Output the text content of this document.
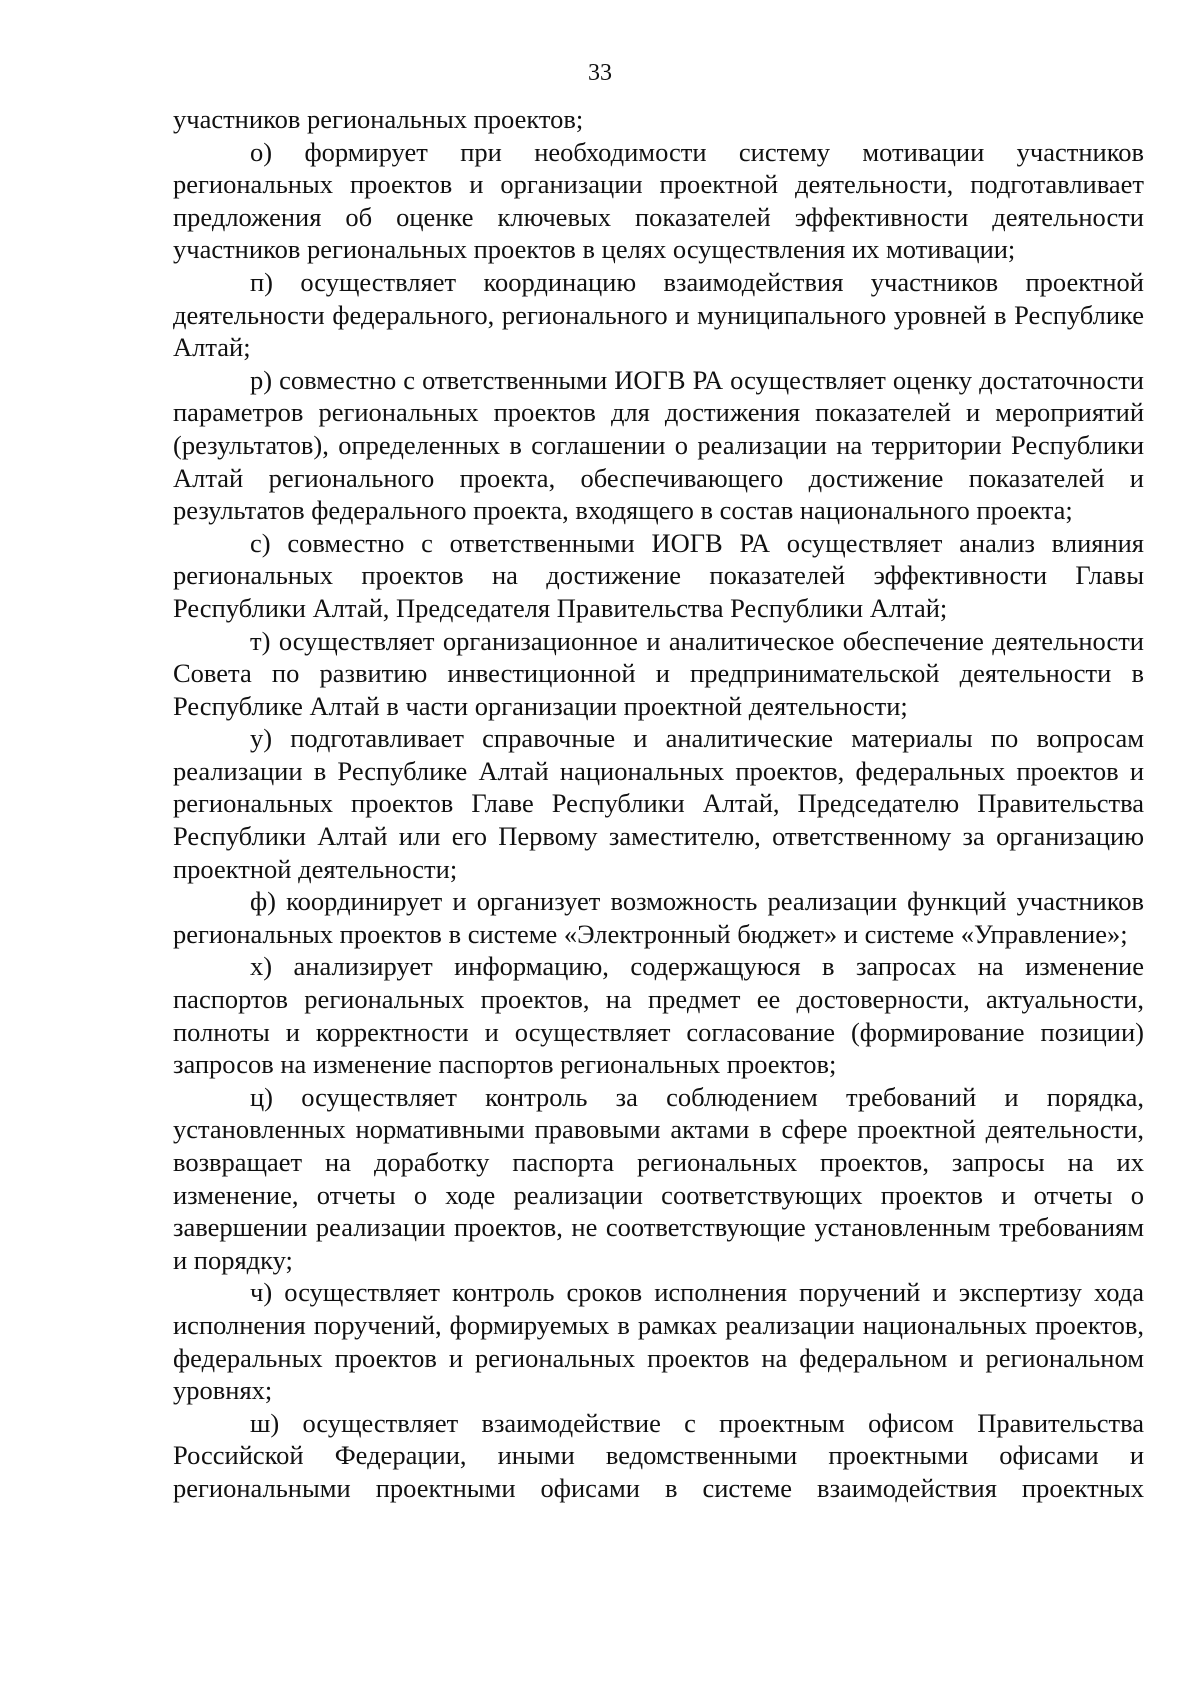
33

участников региональных проектов;

о) формирует при необходимости систему мотивации участников региональных проектов и организации проектной деятельности, подготавливает предложения об оценке ключевых показателей эффективности деятельности участников региональных проектов в целях осуществления их мотивации;

п) осуществляет координацию взаимодействия участников проектной деятельности федерального, регионального и муниципального уровней в Республике Алтай;

р) совместно с ответственными ИОГВ РА осуществляет оценку достаточности параметров региональных проектов для достижения показателей и мероприятий (результатов), определенных в соглашении о реализации на территории Республики Алтай регионального проекта, обеспечивающего достижение показателей и результатов федерального проекта, входящего в состав национального проекта;

с) совместно с ответственными ИОГВ РА осуществляет анализ влияния региональных проектов на достижение показателей эффективности Главы Республики Алтай, Председателя Правительства Республики Алтай;

т) осуществляет организационное и аналитическое обеспечение деятельности Совета по развитию инвестиционной и предпринимательской деятельности в Республике Алтай в части организации проектной деятельности;

у) подготавливает справочные и аналитические материалы по вопросам реализации в Республике Алтай национальных проектов, федеральных проектов и региональных проектов Главе Республики Алтай, Председателю Правительства Республики Алтай или его Первому заместителю, ответственному за организацию проектной деятельности;

ф) координирует и организует возможность реализации функций участников региональных проектов в системе «Электронный бюджет» и системе «Управление»;

х) анализирует информацию, содержащуюся в запросах на изменение паспортов региональных проектов, на предмет ее достоверности, актуальности, полноты и корректности и осуществляет согласование (формирование позиции) запросов на изменение паспортов региональных проектов;

ц) осуществляет контроль за соблюдением требований и порядка, установленных нормативными правовыми актами в сфере проектной деятельности, возвращает на доработку паспорта региональных проектов, запросы на их изменение, отчеты о ходе реализации соответствующих проектов и отчеты о завершении реализации проектов, не соответствующие установленным требованиям и порядку;

ч) осуществляет контроль сроков исполнения поручений и экспертизу хода исполнения поручений, формируемых в рамках реализации национальных проектов, федеральных проектов и региональных проектов на федеральном и региональном уровнях;

ш) осуществляет взаимодействие с проектным офисом Правительства Российской Федерации, иными ведомственными проектными офисами и региональными проектными офисами в системе взаимодействия проектных
